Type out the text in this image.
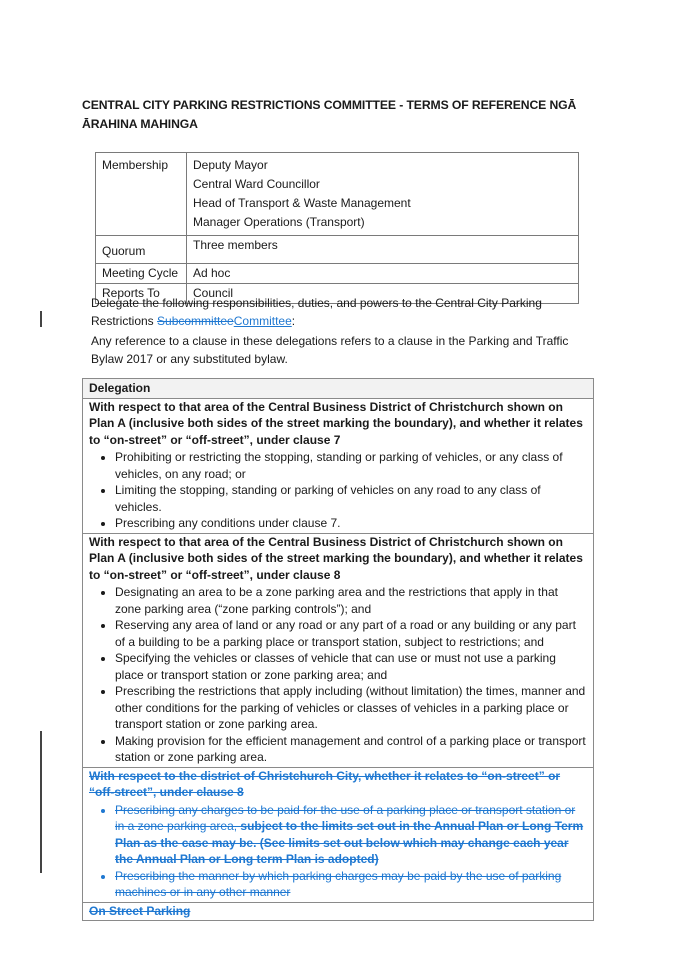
CENTRAL CITY PARKING RESTRICTIONS COMMITTEE - TERMS OF REFERENCE NGĀ ĀRAHINA MAHINGA
Membership	Deputy Mayor
Central Ward Councillor
Head of Transport & Waste Management
Manager Operations (Transport)

Quorum	Three members
Meeting Cycle	Ad hoc
Reports To	Council
Delegate the following responsibilities, duties, and powers to the Central City Parking Restrictions SubcommitteeCommittee:
Any reference to a clause in these delegations refers to a clause in the Parking and Traffic Bylaw 2017 or any substituted bylaw.
Delegation

With respect to that area of the Central Business District of Christchurch shown on Plan A (inclusive both sides of the street marking the boundary), and whether it relates to “on-street” or “off-street”, under clause 7
• Prohibiting or restricting the stopping, standing or parking of vehicles, or any class of vehicles, on any road; or
• Limiting the stopping, standing or parking of vehicles on any road to any class of vehicles.
• Prescribing any conditions under clause 7.

With respect to that area of the Central Business District of Christchurch shown on Plan A (inclusive both sides of the street marking the boundary), and whether it relates to “on-street” or “off-street”, under clause 8
• Designating an area to be a zone parking area and the restrictions that apply in that zone parking area (“zone parking controls”); and
• Reserving any area of land or any road or any part of a road or any building or any part of a building to be a parking place or transport station, subject to restrictions; and
• Specifying the vehicles or classes of vehicle that can use or must not use a parking place or transport station or zone parking area; and
• Prescribing the restrictions that apply including (without limitation) the times, manner and other conditions for the parking of vehicles or classes of vehicles in a parking place or transport station or zone parking area.
• Making provision for the efficient management and control of a parking place or transport station or zone parking area.

With respect to the district of Christchurch City, whether it relates to “on-street” or “off-street”, under clause 8
• Prescribing any charges to be paid for the use of a parking place or transport station or in a zone parking area, subject to the limits set out in the Annual Plan or Long Term Plan as the case may be. (See limits set out below which may change each year the Annual Plan or Long term Plan is adopted)
• Prescribing the manner by which parking charges may be paid by the use of parking machines or in any other manner

On Street Parking
